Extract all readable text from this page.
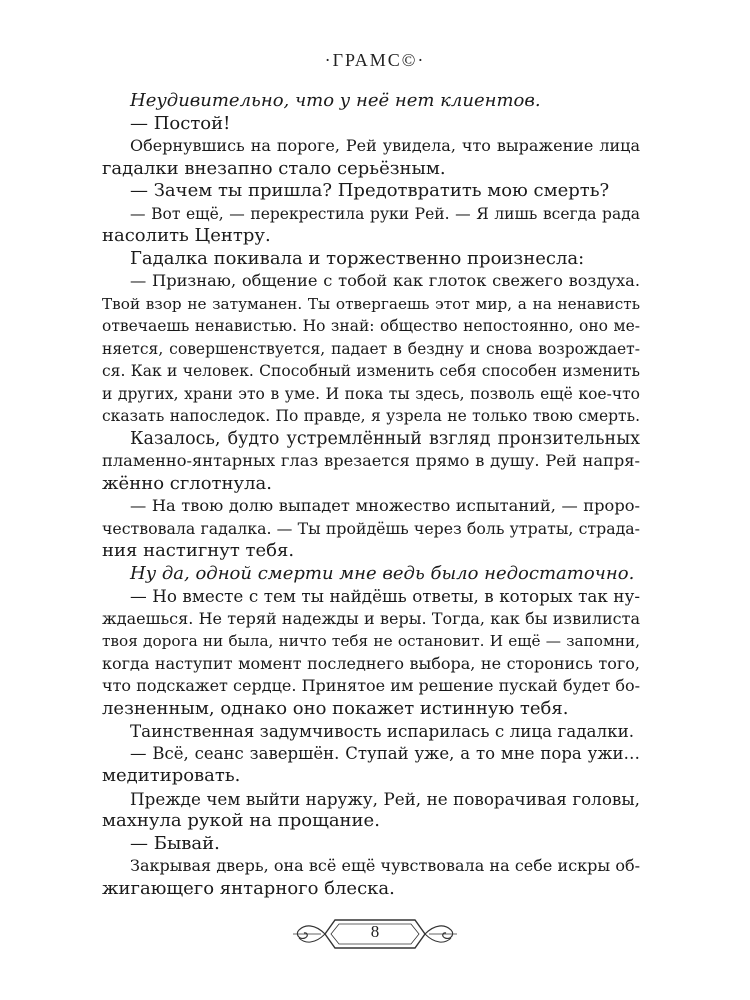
·ГРАМС©·
Неудивительно, что у неё нет клиентов.
— Постой!
Обернувшись на пороге, Рей увидела, что выражение лица
гадалки внезапно стало серьёзным.
— Зачем ты пришла? Предотвратить мою смерть?
— Вот ещё, — перекрестила руки Рей. — Я лишь всегда рада
насолить Центру.
Гадалка покивала и торжественно произнесла:
— Признаю, общение с тобой как глоток свежего воздуха.
Твой взор не затуманен. Ты отвергаешь этот мир, а на ненависть
отвечаешь ненавистью. Но знай: общество непостоянно, оно ме-
няется, совершенствуется, падает в бездну и снова возрождает-
ся. Как и человек. Способный изменить себя способен изменить
и других, храни это в уме. И пока ты здесь, позволь ещё кое-что
сказать напоследок. По правде, я узрела не только твою смерть.
Казалось, будто устремлённый взгляд пронзительных
пламенно-янтарных глаз врезается прямо в душу. Рей напря-
жённо сглотнула.
— На твою долю выпадет множество испытаний, — проро-
чествовала гадалка. — Ты пройдёшь через боль утраты, страда-
ния настигнут тебя.
Ну да, одной смерти мне ведь было недостаточно.
— Но вместе с тем ты найдёшь ответы, в которых так ну-
ждаешься. Не теряй надежды и веры. Тогда, как бы извилиста
твоя дорога ни была, ничто тебя не остановит. И ещё — запомни,
когда наступит момент последнего выбора, не сторонись того,
что подскажет сердце. Принятое им решение пускай будет бо-
лезненным, однако оно покажет истинную тебя.
Таинственная задумчивость испарилась с лица гадалки.
— Всё, сеанс завершён. Ступай уже, а то мне пора ужи…
медитировать.
Прежде чем выйти наружу, Рей, не поворачивая головы,
махнула рукой на прощание.
— Бывай.
Закрывая дверь, она всё ещё чувствовала на себе искры об-
жигающего янтарного блеска.
8
